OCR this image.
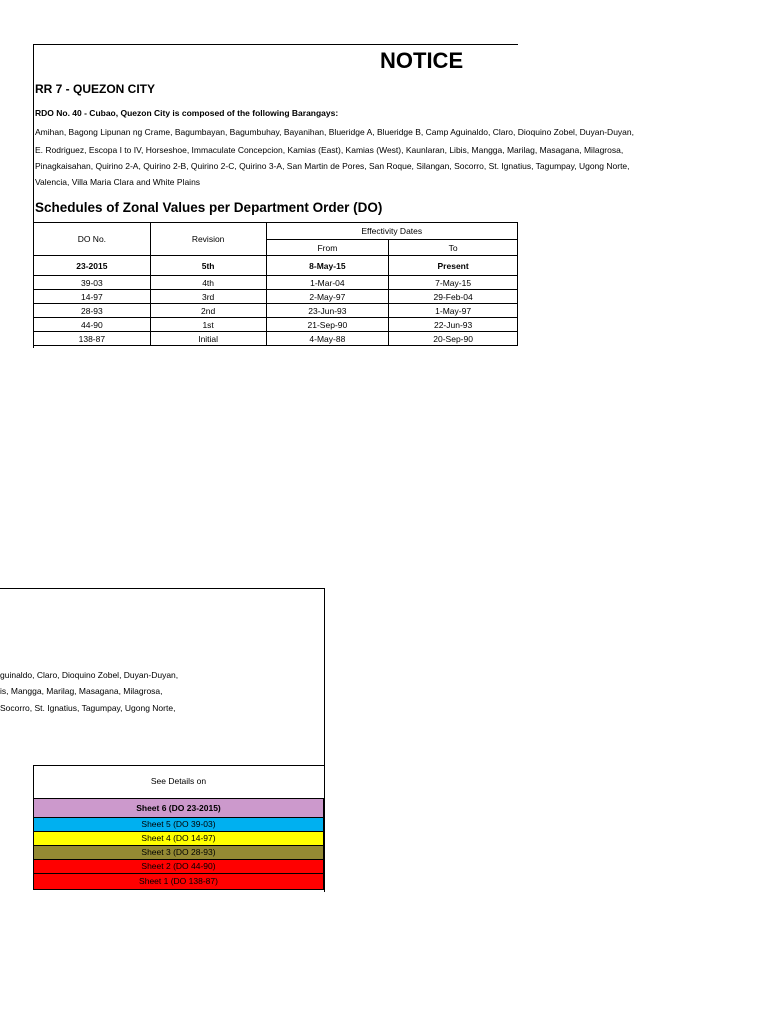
NOTICE
RR 7 - QUEZON CITY
RDO No. 40 - Cubao, Quezon City is composed of the following Barangays:
Amihan, Bagong Lipunan ng Crame, Bagumbayan, Bagumbuhay, Bayanihan, Blueridge A, Blueridge B, Camp Aguinaldo, Claro, Dioquino Zobel, Duyan-Duyan,
E. Rodriguez, Escopa I to IV, Horseshoe, Immaculate Concepcion, Kamias (East), Kamias (West), Kaunlaran, Libis, Mangga, Marilag, Masagana, Milagrosa,
Pinagkaisahan, Quirino 2-A, Quirino 2-B, Quirino 2-C, Quirino 3-A, San Martin de Pores, San Roque, Silangan, Socorro, St. Ignatius, Tagumpay, Ugong Norte,
Valencia, Villa Maria Clara and White Plains
Schedules of Zonal Values per Department Order (DO)
DO No.	Revision	Effectivity Dates	
		From	To
23-2015	5th	8-May-15	Present
39-03	4th	1-Mar-04	7-May-15
14-97	3rd	2-May-97	29-Feb-04
28-93	2nd	23-Jun-93	1-May-97
44-90	1st	21-Sep-90	22-Jun-93
138-87	Initial	4-May-88	20-Sep-90
guinaldo, Claro, Dioquino Zobel, Duyan-Duyan,
is, Mangga, Marilag, Masagana, Milagrosa,
Socorro, St. Ignatius, Tagumpay, Ugong Norte,
See Details on
Sheet 6 (DO 23-2015)
Sheet 5 (DO 39-03)
Sheet 4 (DO 14-97)
Sheet 3 (DO 28-93)
Sheet 2 (DO 44-90)
Sheet 1 (DO 138-87)
